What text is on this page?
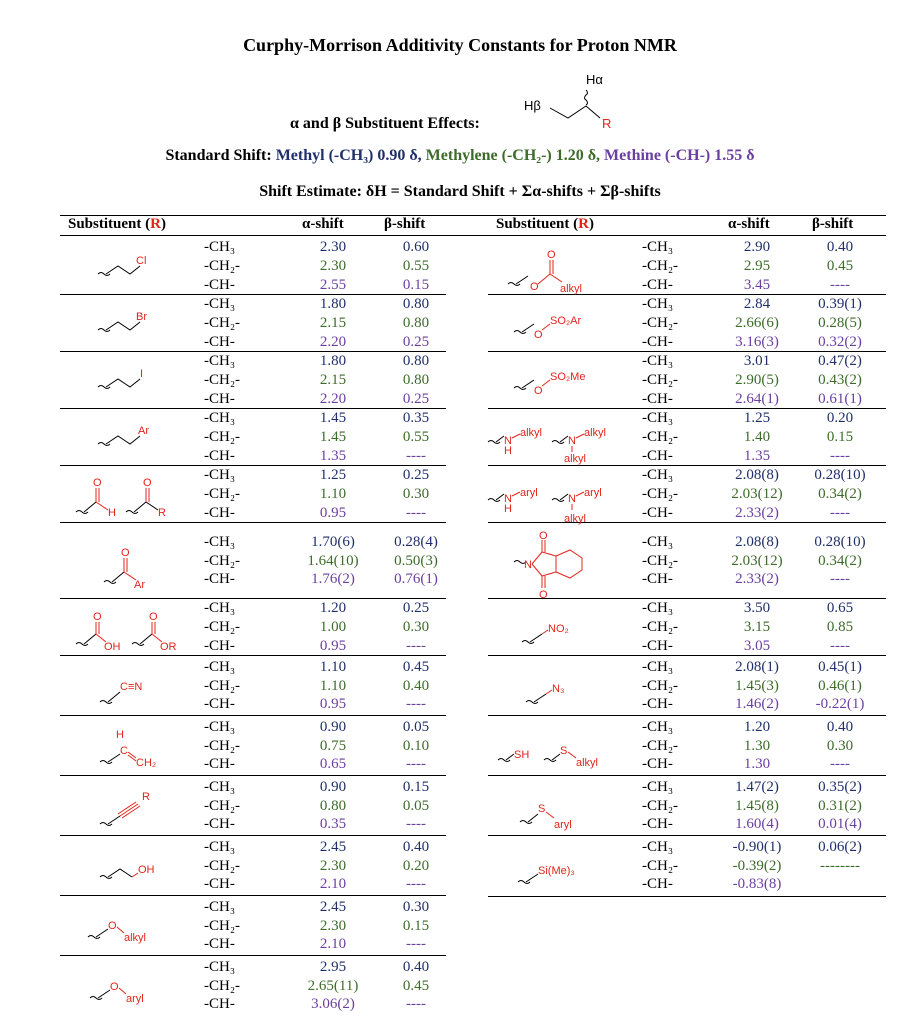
Curphy-Morrison Additivity Constants for Proton NMR
Hα
Hβ
R
α and β Substituent Effects:
Standard Shift: Methyl (-CH₃) 0.90 δ, Methylene (-CH₂-) 1.20 δ, Methine (-CH-) 1.55 δ
Shift Estimate: δH = Standard Shift + Σα-shifts + Σβ-shifts
Substituent (R)	α-shift	β-shift	Substituent (R)	α-shift	β-shift
-CH₃	2.30	0.60
-CH₂-	2.30	0.55
-CH-	2.55	0.15
-CH₃	1.80	0.80
-CH₂-	2.15	0.80
-CH-	2.20	0.25
-CH₃	1.80	0.80
-CH₂-	2.15	0.80
-CH-	2.20	0.25
-CH₃	1.45	0.35
-CH₂-	1.45	0.55
-CH-	1.35	----
-CH₃	1.25	0.25
-CH₂-	1.10	0.30
-CH-	0.95	----
-CH₃	1.70(6)	0.28(4)
-CH₂-	1.64(10)	0.50(3)
-CH-	1.76(2)	0.76(1)
-CH₃	1.20	0.25
-CH₂-	1.00	0.30
-CH-	0.95	----
-CH₃	1.10	0.45
-CH₂-	1.10	0.40
-CH-	0.95	----
-CH₃	0.90	0.05
-CH₂-	0.75	0.10
-CH-	0.65	----
-CH₃	0.90	0.15
-CH₂-	0.80	0.05
-CH-	0.35	----
-CH₃	2.45	0.40
-CH₂-	2.30	0.20
-CH-	2.10	----
-CH₃	2.45	0.30
-CH₂-	2.30	0.15
-CH-	2.10	----
-CH₃	2.95	0.40
-CH₂-	2.65(11)	0.45
-CH-	3.06(2)	----
-CH₃	2.90	0.40
-CH₂-	2.95	0.45
-CH-	3.45	----
-CH₃	2.84	0.39(1)
-CH₂-	2.66(6)	0.28(5)
-CH-	3.16(3)	0.32(2)
-CH₃	3.01	0.47(2)
-CH₂-	2.90(5)	0.43(2)
-CH-	2.64(1)	0.61(1)
-CH₃	1.25	0.20
-CH₂-	1.40	0.15
-CH-	1.35	----
-CH₃	2.08(8)	0.28(10)
-CH₂-	2.03(12)	0.34(2)
-CH-	2.33(2)	----
-CH₃	2.08(8)	0.28(10)
-CH₂-	2.03(12)	0.34(2)
-CH-	2.33(2)	----
-CH₃	3.50	0.65
-CH₂-	3.15	0.85
-CH-	3.05	----
-CH₃	2.08(1)	0.45(1)
-CH₂-	1.45(3)	0.46(1)
-CH-	1.46(2)	-0.22(1)
-CH₃	1.20	0.40
-CH₂-	1.30	0.30
-CH-	1.30	----
-CH₃	1.47(2)	0.35(2)
-CH₂-	1.45(8)	0.31(2)
-CH-	1.60(4)	0.01(4)
-CH₃	-0.90(1)	0.06(2)
-CH₂-	-0.39(2)	--------
-CH-	-0.83(8)
Cl
Br
I
Ar
O
H
O
R
O
Ar
O
OH
O
OR
C≡N
H
C
CH₂
R
OH
O
alkyl
O
aryl
O
O
alkyl
O
SO₂Ar
O
SO₂Me
N
H
alkyl
N
alkyl
alkyl
N
H
aryl	N aryl
alkyl
N
O
O
NO₂
N₃
SH	S
alkyl
S
aryl
Si(Me)₃
